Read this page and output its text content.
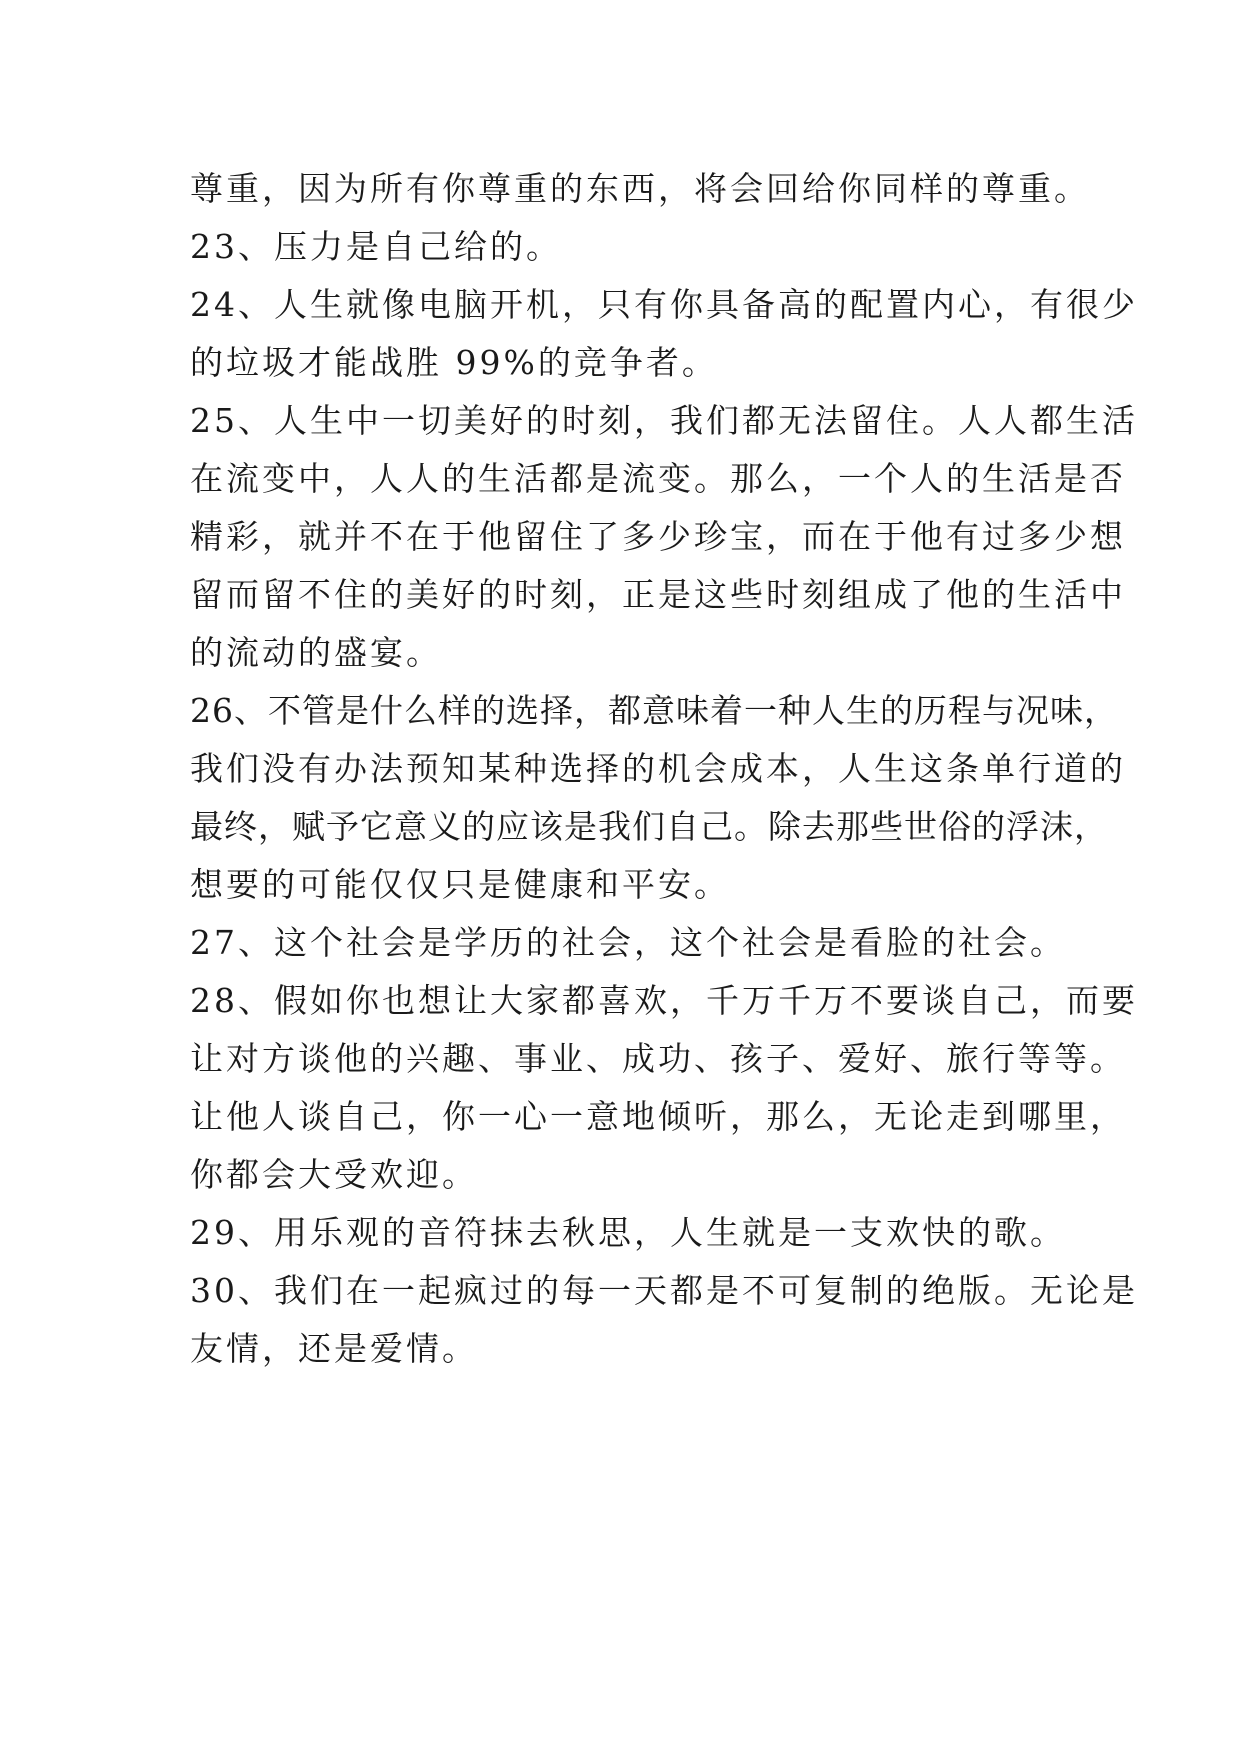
尊重，因为所有你尊重的东西，将会回给你同样的尊重。
23、压力是自己给的。
24、人生就像电脑开机，只有你具备高的配置内心，有很少
的垃圾才能战胜 99%的竞争者。
25、人生中一切美好的时刻，我们都无法留住。人人都生活
在流变中，人人的生活都是流变。那么，一个人的生活是否
精彩，就并不在于他留住了多少珍宝，而在于他有过多少想
留而留不住的美好的时刻，正是这些时刻组成了他的生活中
的流动的盛宴。
26、不管是什么样的选择，都意味着一种人生的历程与况味，
我们没有办法预知某种选择的机会成本，人生这条单行道的
最终，赋予它意义的应该是我们自己。除去那些世俗的浮沫，
想要的可能仅仅只是健康和平安。
27、这个社会是学历的社会，这个社会是看脸的社会。
28、假如你也想让大家都喜欢，千万千万不要谈自己，而要
让对方谈他的兴趣、事业、成功、孩子、爱好、旅行等等。
让他人谈自己，你一心一意地倾听，那么，无论走到哪里，
你都会大受欢迎。
29、用乐观的音符抹去秋思，人生就是一支欢快的歌。
30、我们在一起疯过的每一天都是不可复制的绝版。无论是
友情，还是爱情。
